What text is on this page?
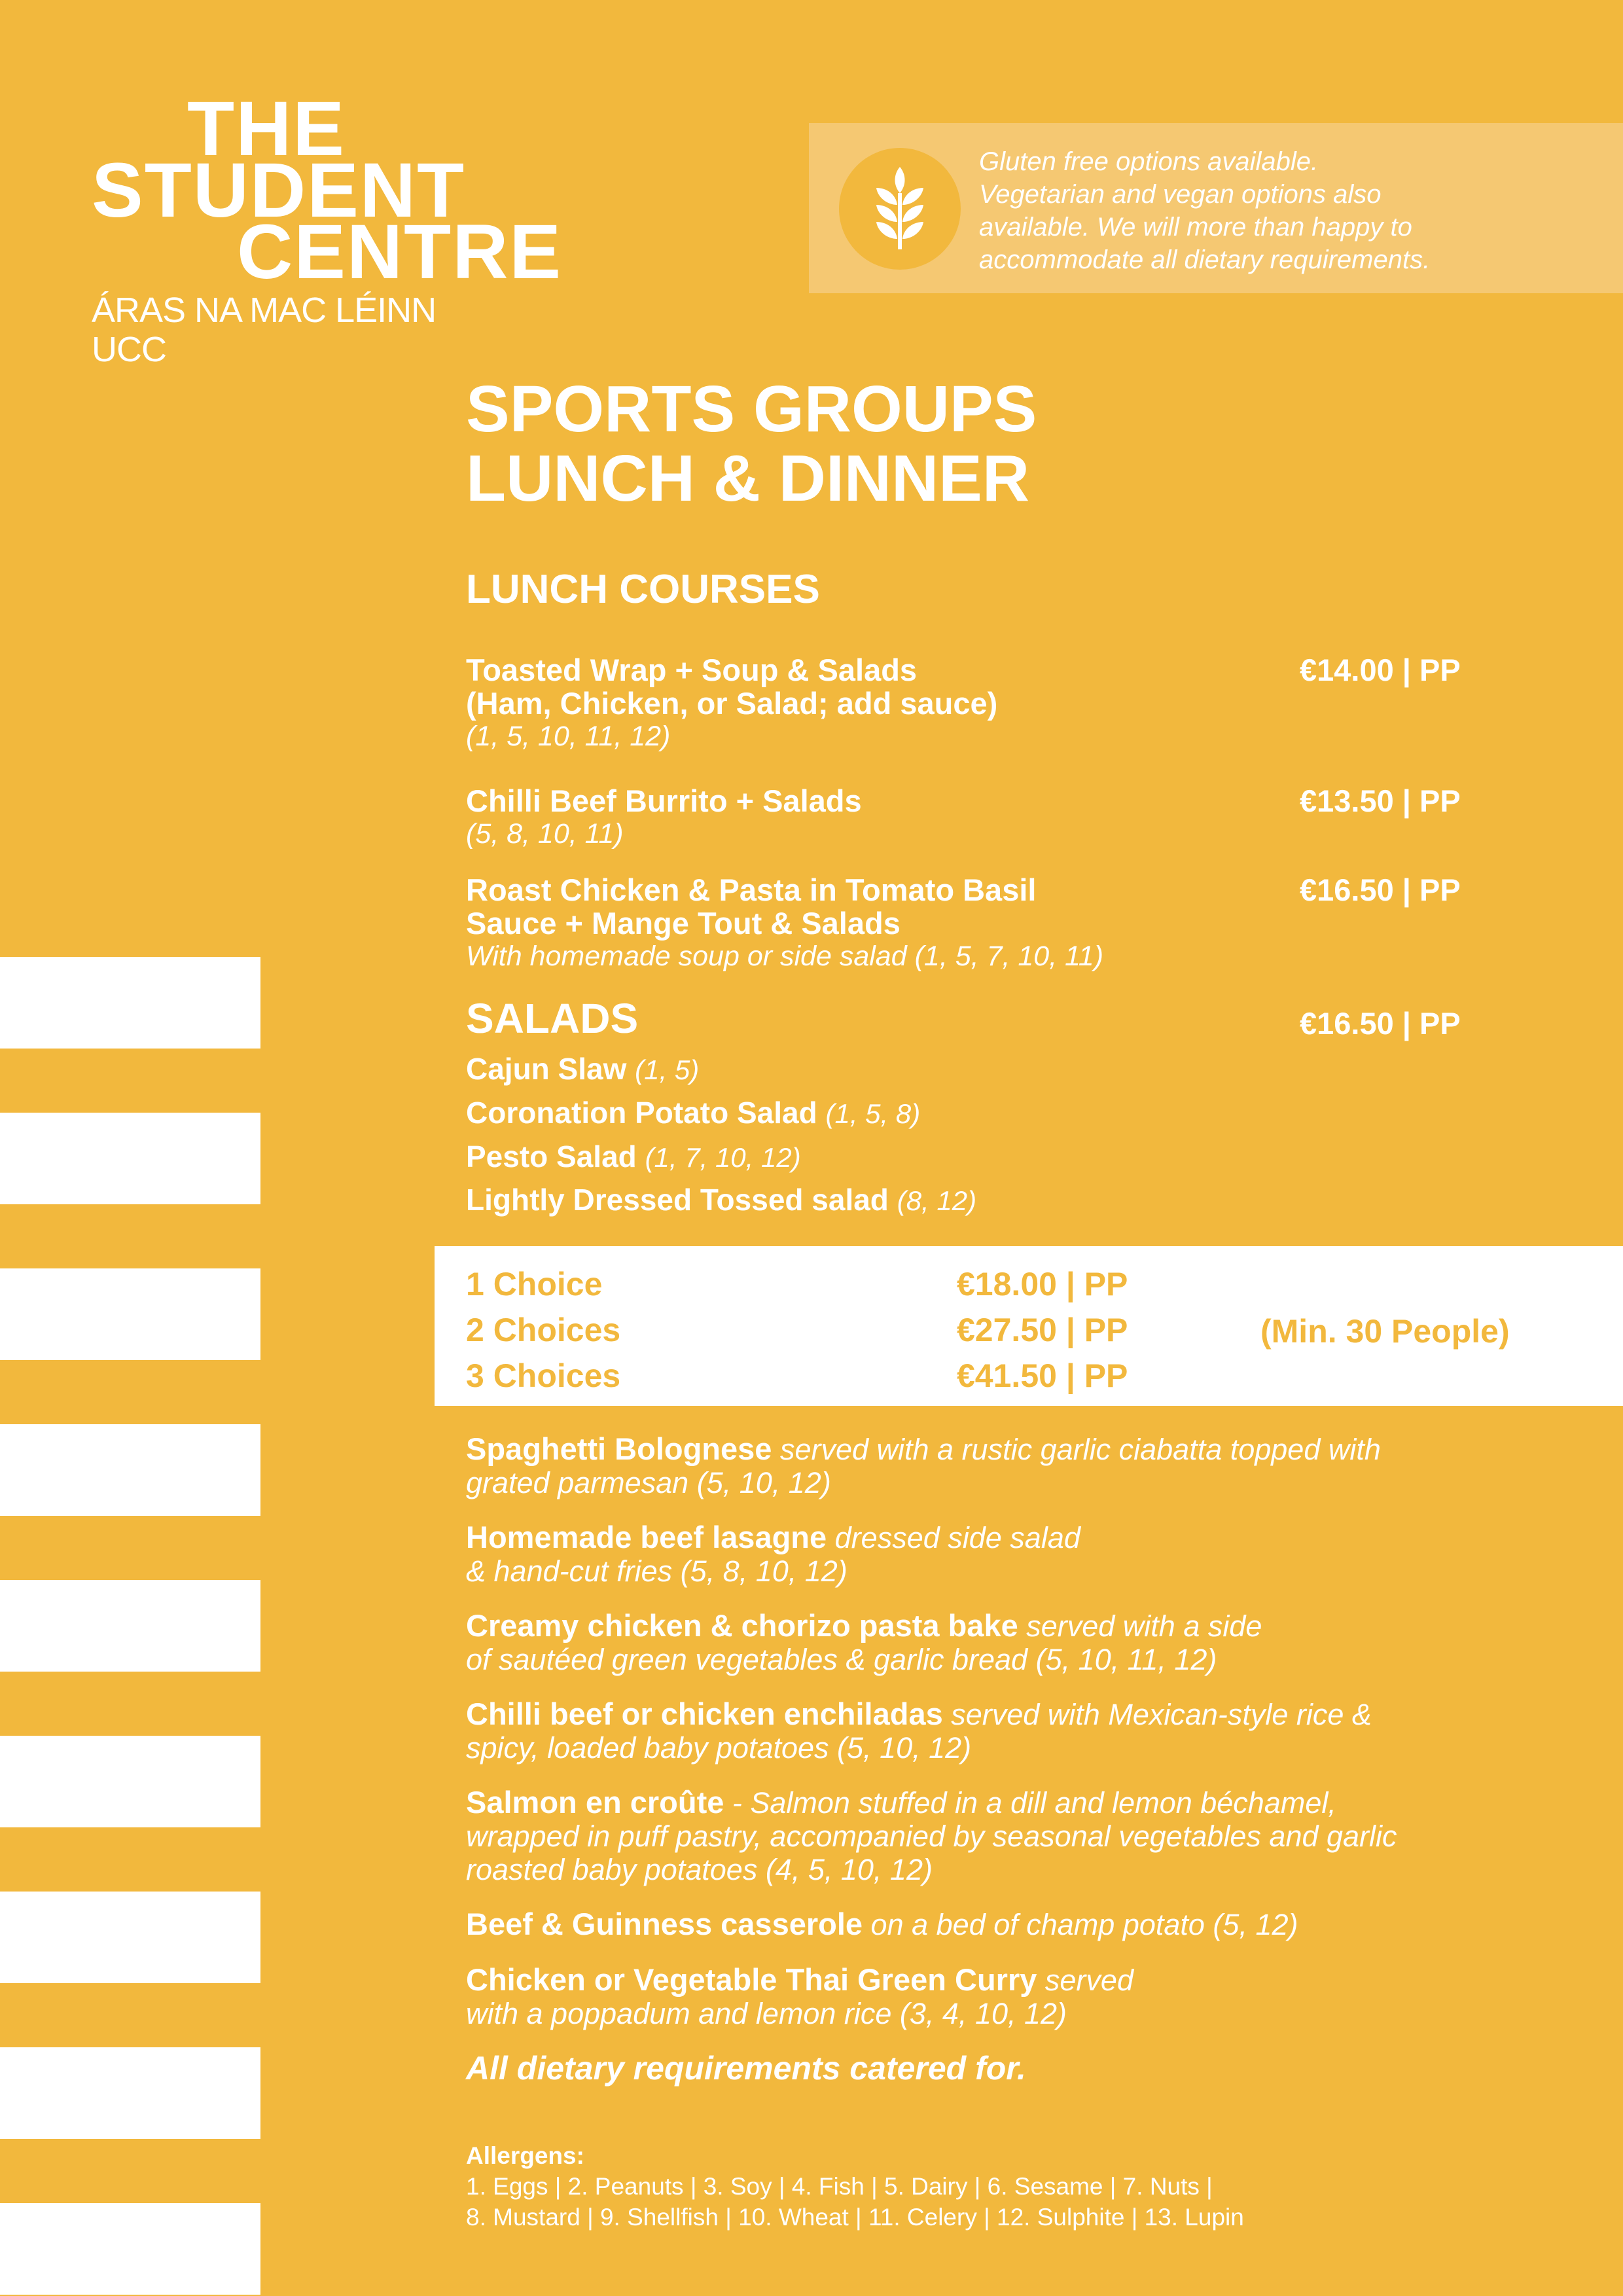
THE
STUDENT
CENTRE
ÁRAS NA MAC LÉINN UCC
Gluten free options available.
Vegetarian and vegan options also
available. We will more than happy to
accommodate all dietary requirements.
SPORTS GROUPS
LUNCH & DINNER
LUNCH COURSES
Toasted Wrap + Soup & Salads
(Ham, Chicken, or Salad; add sauce)
(1, 5, 10, 11, 12)
€14.00 | PP
Chilli Beef Burrito + Salads
(5, 8, 10, 11)
€13.50 | PP
Roast Chicken & Pasta in Tomato Basil
Sauce + Mange Tout & Salads
With homemade soup or side salad (1, 5, 7, 10, 11)
€16.50 | PP
SALADS	€16.50 | PP
Cajun Slaw (1, 5)
Coronation Potato Salad (1, 5, 8)
Pesto Salad (1, 7, 10, 12)
Lightly Dressed Tossed salad (8, 12)
1 Choice	€18.00 | PP
2 Choices	€27.50 | PP
3 Choices	€41.50 | PP
(Min. 30 People)
Spaghetti Bolognese served with a rustic garlic ciabatta topped with
grated parmesan (5, 10, 12)
Homemade beef lasagne dressed side salad
& hand-cut fries (5, 8, 10, 12)
Creamy chicken & chorizo pasta bake served with a side
of sautéed green vegetables & garlic bread (5, 10, 11, 12)
Chilli beef or chicken enchiladas served with Mexican-style rice &
spicy, loaded baby potatoes (5, 10, 12)
Salmon en croûte - Salmon stuffed in a dill and lemon béchamel,
wrapped in puff pastry, accompanied by seasonal vegetables and garlic
roasted baby potatoes (4, 5, 10, 12)
Beef & Guinness casserole on a bed of champ potato (5, 12)
Chicken or Vegetable Thai Green Curry served
with a poppadum and lemon rice (3, 4, 10, 12)
All dietary requirements catered for.
Allergens:
1. Eggs | 2. Peanuts | 3. Soy | 4. Fish | 5. Dairy | 6. Sesame | 7. Nuts |
8. Mustard | 9. Shellfish | 10. Wheat | 11. Celery | 12. Sulphite | 13. Lupin
